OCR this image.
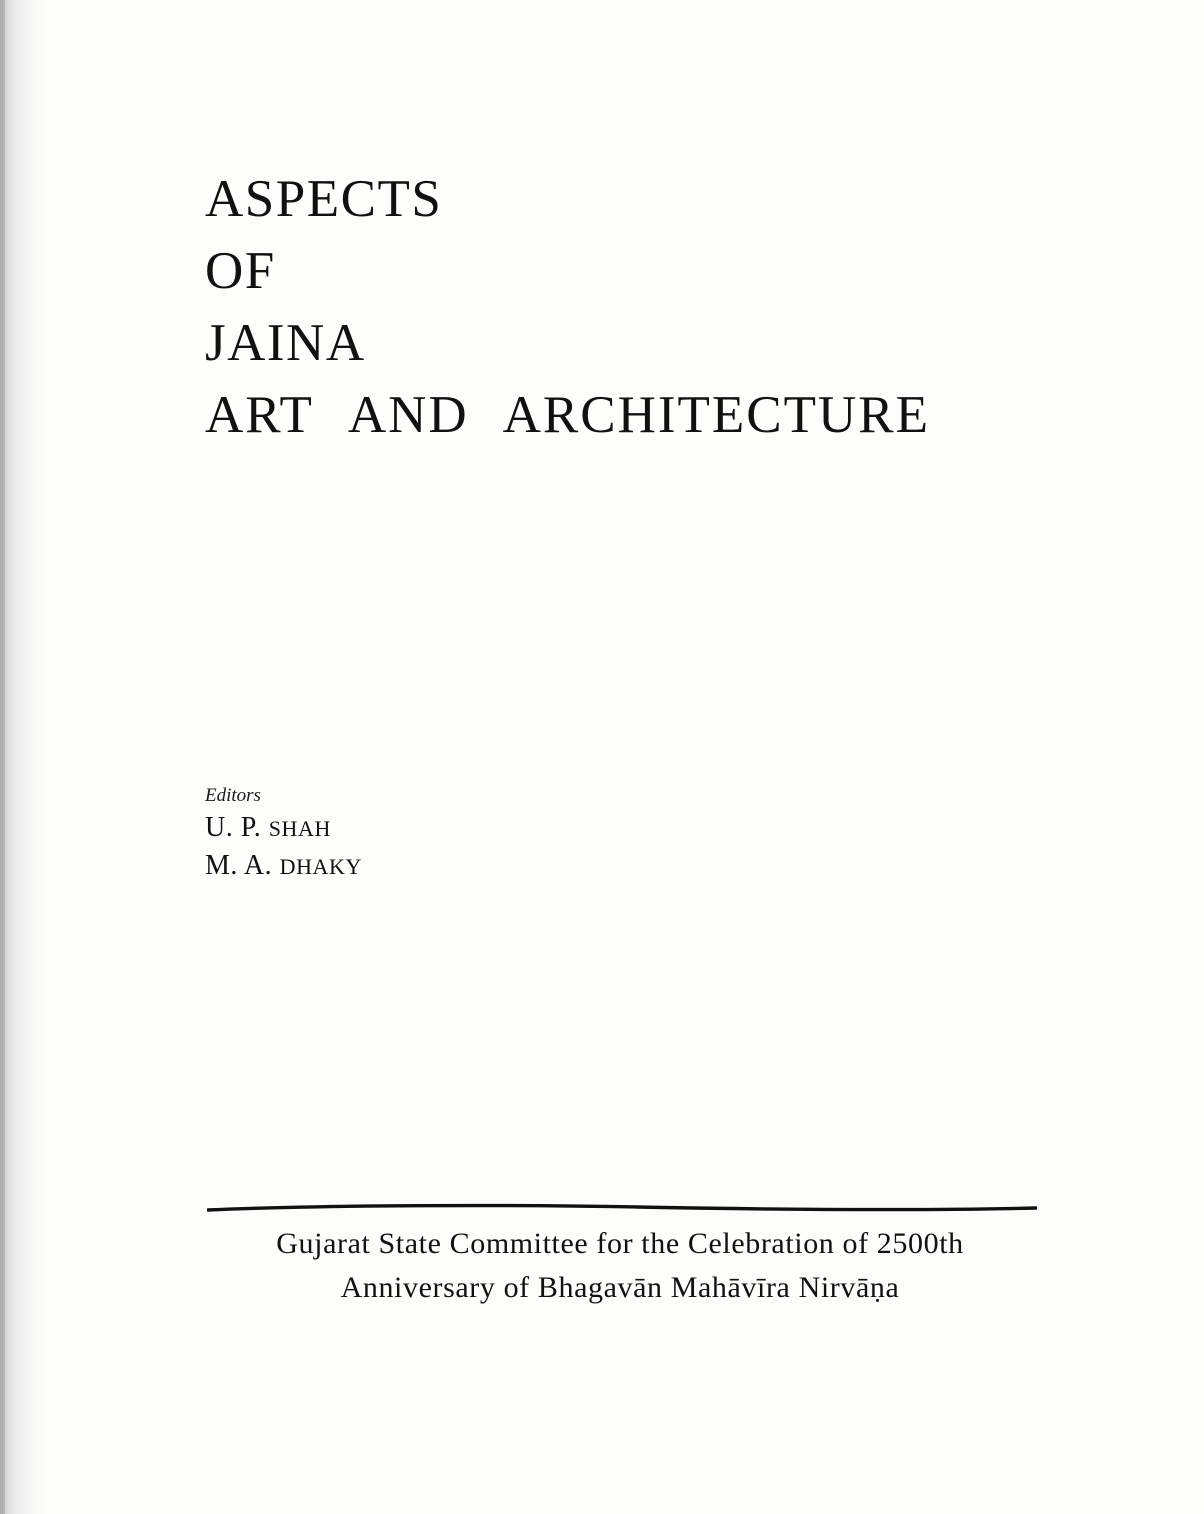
ASPECTS
OF
JAINA
ART AND ARCHITECTURE
Editors
U. P. SHAH
M. A. DHAKY
Gujarat State Committee for the Celebration of 2500th
Anniversary of Bhagavān Mahāvīra Nirvāṇa
